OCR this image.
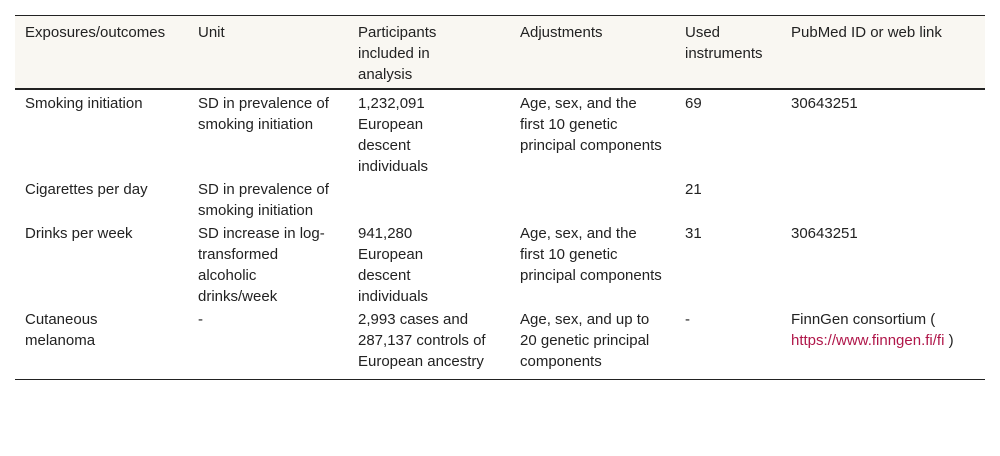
Exposures/outcomes	Unit	Participants included in analysis	Adjustments	Used instruments	PubMed ID or web link
Smoking initiation	SD in prevalence of smoking initiation	1,232,091 European descent individuals	Age, sex, and the first 10 genetic principal components	69	30643251
Cigarettes per day	SD in prevalence of smoking initiation			21	
Drinks per week	SD increase in log-transformed alcoholic drinks/week	941,280 European descent individuals	Age, sex, and the first 10 genetic principal components	31	30643251
Cutaneous melanoma	-	2,993 cases and 287,137 controls of European ancestry	Age, sex, and up to 20 genetic principal components	-	FinnGen consortium ( https://www.finngen.fi/fi )
